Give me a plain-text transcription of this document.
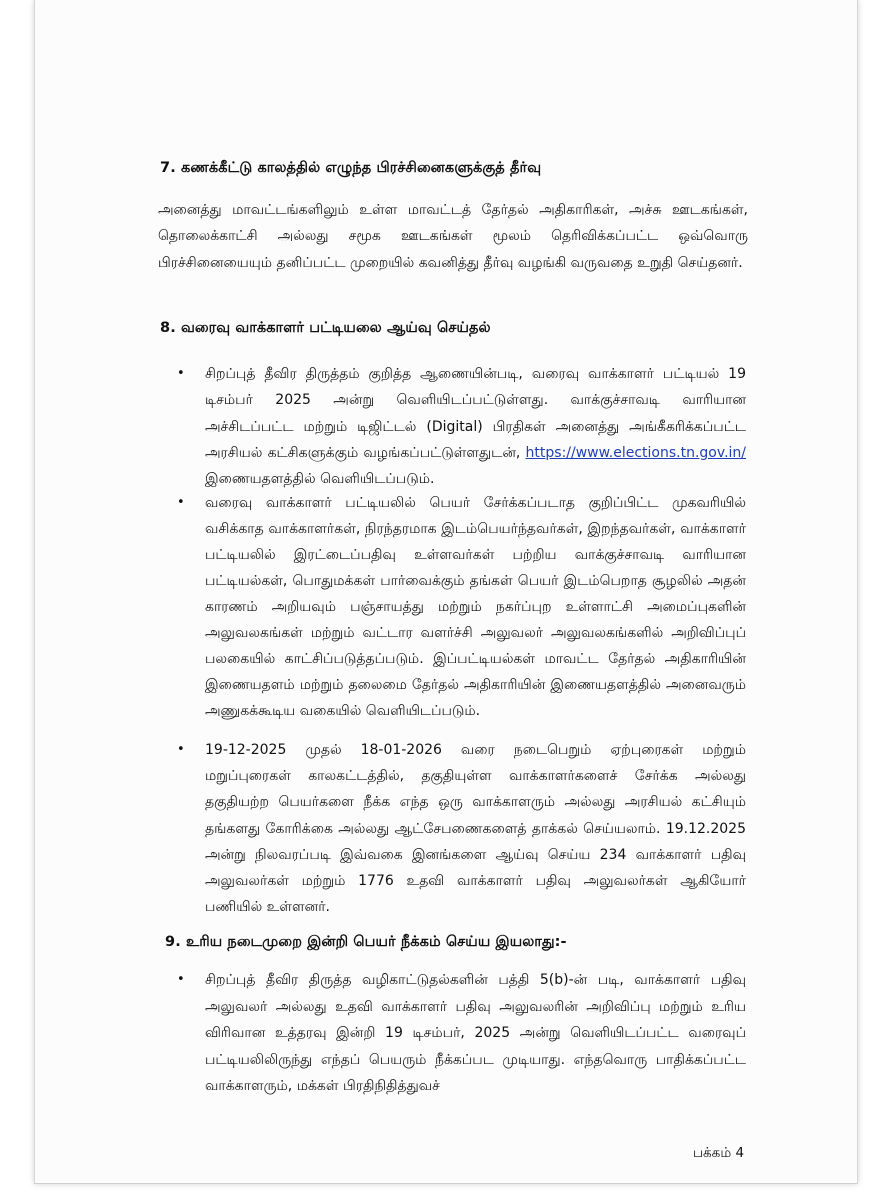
7. கணக்கீட்டு காலத்தில் எழுந்த பிரச்சினைகளுக்குத் தீர்வு

அனைத்து மாவட்டங்களிலும் உள்ள மாவட்டத் தேர்தல் அதிகாரிகள், அச்சு ஊடகங்கள், தொலைக்காட்சி அல்லது சமூக ஊடகங்கள் மூலம் தெரிவிக்கப்பட்ட ஒவ்வொரு பிரச்சினையையும் தனிப்பட்ட முறையில் கவனித்து தீர்வு வழங்கி வருவதை உறுதி செய்தனர்.

8. வரைவு வாக்காளர் பட்டியலை ஆய்வு செய்தல்
• சிறப்புத் தீவிர திருத்தம் குறித்த ஆணையின்படி, வரைவு வாக்காளர் பட்டியல் 19 டிசம்பர் 2025 அன்று வெளியிடப்பட்டுள்ளது. வாக்குச்சாவடி வாரியான அச்சிடப்பட்ட மற்றும் டிஜிட்டல் (Digital) பிரதிகள் அனைத்து அங்கீகரிக்கப்பட்ட அரசியல் கட்சிகளுக்கும் வழங்கப்பட்டுள்ளதுடன், https://www.elections.tn.gov.in/ இணையதளத்தில் வெளியிடப்படும்.
• வரைவு வாக்காளர் பட்டியலில் பெயர் சேர்க்கப்படாத குறிப்பிட்ட முகவரியில் வசிக்காத வாக்காளர்கள், நிரந்தரமாக இடம்பெயர்ந்தவர்கள், இறந்தவர்கள், வாக்காளர் பட்டியலில் இரட்டைப்பதிவு உள்ளவர்கள் பற்றிய வாக்குச்சாவடி வாரியான பட்டியல்கள், பொதுமக்கள் பார்வைக்கும் தங்கள் பெயர் இடம்பெறாத சூழலில் அதன் காரணம் அறியவும் பஞ்சாயத்து மற்றும் நகர்ப்புற உள்ளாட்சி அமைப்புகளின் அலுவலகங்கள் மற்றும் வட்டார வளர்ச்சி அலுவலர் அலுவலகங்களில் அறிவிப்புப் பலகையில் காட்சிப்படுத்தப்படும். இப்பட்டியல்கள் மாவட்ட தேர்தல் அதிகாரியின் இணையதளம் மற்றும் தலைமை தேர்தல் அதிகாரியின் இணையதளத்தில் அனைவரும் அணுகக்கூடிய வகையில் வெளியிடப்படும்.
• 19-12-2025 முதல் 18-01-2026 வரை நடைபெறும் ஏற்புரைகள் மற்றும் மறுப்புரைகள் காலகட்டத்தில், தகுதியுள்ள வாக்காளர்களைச் சேர்க்க அல்லது தகுதியற்ற பெயர்களை நீக்க எந்த ஒரு வாக்காளரும் அல்லது அரசியல் கட்சியும் தங்களது கோரிக்கை அல்லது ஆட்சேபணைகளைத் தாக்கல் செய்யலாம். 19.12.2025 அன்று நிலவரப்படி இவ்வகை இனங்களை ஆய்வு செய்ய 234 வாக்காளர் பதிவு அலுவலர்கள் மற்றும் 1776 உதவி வாக்காளர் பதிவு அலுவலர்கள் ஆகியோர் பணியில் உள்ளனர்.
9. உரிய நடைமுறை இன்றி பெயர் நீக்கம் செய்ய இயலாது:-
• சிறப்புத் தீவிர திருத்த வழிகாட்டுதல்களின் பத்தி 5(b)-ன் படி, வாக்காளர் பதிவு அலுவலர் அல்லது உதவி வாக்காளர் பதிவு அலுவலரின் அறிவிப்பு மற்றும் உரிய விரிவான உத்தரவு இன்றி 19 டிசம்பர், 2025 அன்று வெளியிடப்பட்ட வரைவுப் பட்டியலிலிருந்து எந்தப் பெயரும் நீக்கப்பட முடியாது. எந்தவொரு பாதிக்கப்பட்ட வாக்காளரும், மக்கள் பிரதிநிதித்துவச்
பக்கம் 4
